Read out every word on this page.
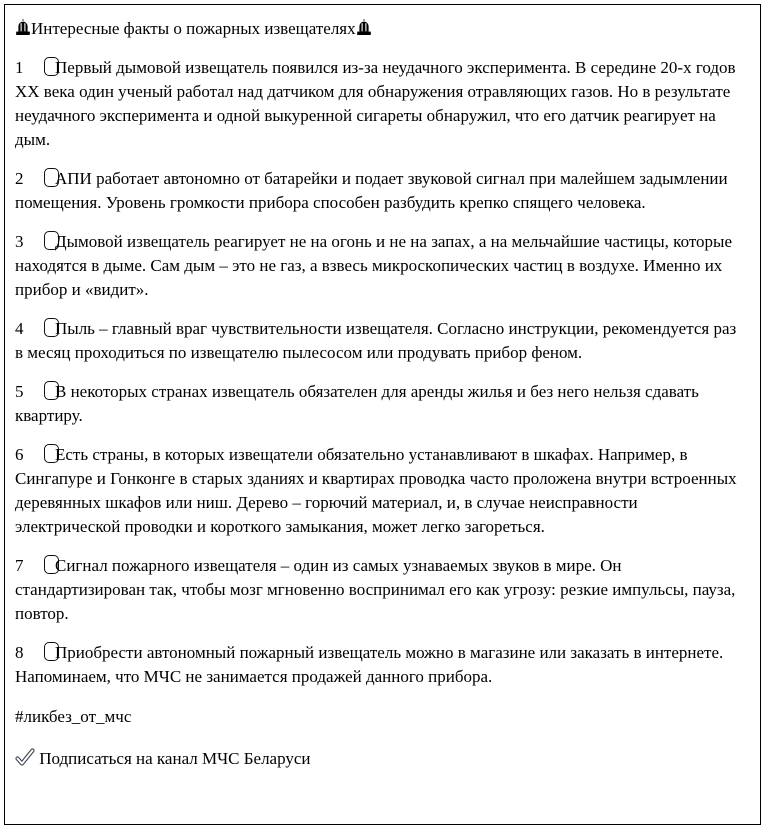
Интересные факты о пожарных извещателях

1 Первый дымовой извещатель появился из-за неудачного эксперимента. В середине 20-х годов XX века один ученый работал над датчиком для обнаружения отравляющих газов. Но в результате неудачного эксперимента и одной выкуренной сигареты обнаружил, что его датчик реагирует на дым.

2 АПИ работает автономно от батарейки и подает звуковой сигнал при малейшем задымлении помещения. Уровень громкости прибора способен разбудить крепко спящего человека.

3 Дымовой извещатель реагирует не на огонь и не на запах, а на мельчайшие частицы, которые находятся в дыме. Сам дым – это не газ, а взвесь микроскопических частиц в воздухе. Именно их прибор и «видит».

4 Пыль – главный враг чувствительности извещателя. Согласно инструкции, рекомендуется раз в месяц проходиться по извещателю пылесосом или продувать прибор феном.

5 В некоторых странах извещатель обязателен для аренды жилья и без него нельзя сдавать квартиру.

6 Есть страны, в которых извещатели обязательно устанавливают в шкафах. Например, в Сингапуре и Гонконге в старых зданиях и квартирах проводка часто проложена внутри встроенных деревянных шкафов или ниш. Дерево – горючий материал, и, в случае неисправности электрической проводки и короткого замыкания, может легко загореться.

7 Сигнал пожарного извещателя – один из самых узнаваемых звуков в мире. Он стандартизирован так, чтобы мозг мгновенно воспринимал его как угрозу: резкие импульсы, пауза, повтор.

8 Приобрести автономный пожарный извещатель можно в магазине или заказать в интернете. Напоминаем, что МЧС не занимается продажей данного прибора.

#ликбез_от_мчс

Подписаться на канал МЧС Беларуси
